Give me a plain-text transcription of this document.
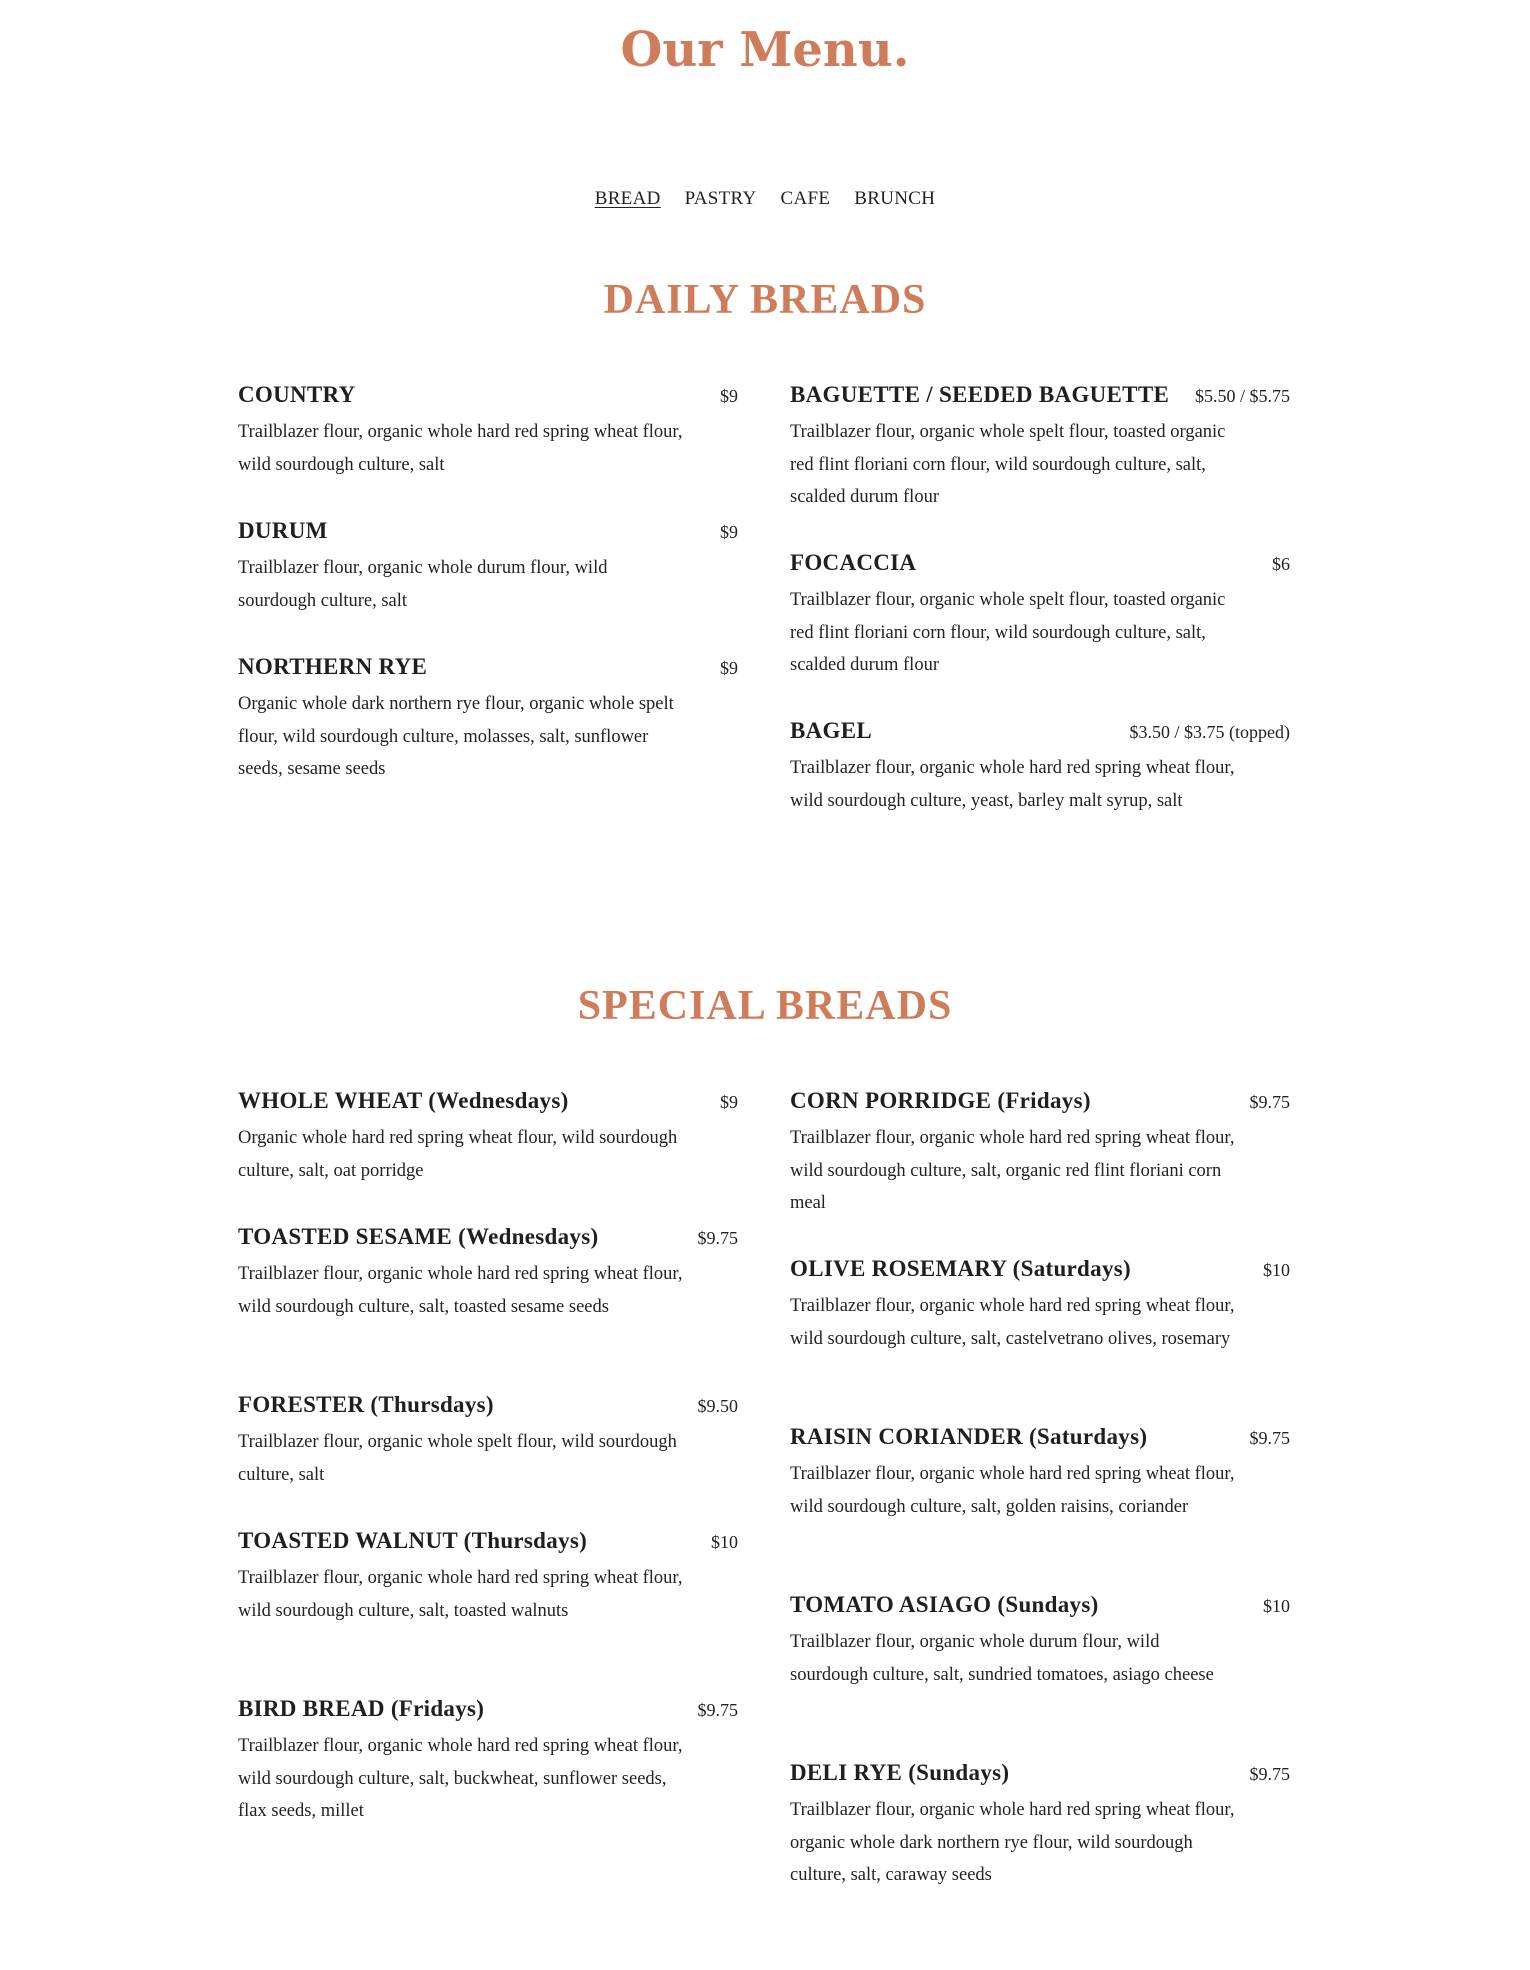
Our Menu.
BREAD PASTRY CAFE BRUNCH
DAILY BREADS
COUNTRY	$9

Trailblazer flour, organic whole hard red spring wheat flour, wild sourdough culture, salt

DURUM	$9

Trailblazer flour, organic whole durum flour, wild sourdough culture, salt

NORTHERN RYE	$9

Organic whole dark northern rye flour, organic whole spelt flour, wild sourdough culture, molasses, salt, sunflower seeds, sesame seeds

BAGUETTE / SEEDED BAGUETTE $5.50 / $5.75

Trailblazer flour, organic whole spelt flour, toasted organic red flint floriani corn flour, wild sourdough culture, salt, scalded durum flour

FOCACCIA	$6

Trailblazer flour, organic whole spelt flour, toasted organic red flint floriani corn flour, wild sourdough culture, salt, scalded durum flour

BAGEL	$3.50 / $3.75 (topped)

Trailblazer flour, organic whole hard red spring wheat flour, wild sourdough culture, yeast, barley malt syrup, salt

SPECIAL BREADS
WHOLE WHEAT (Wednesdays)	$9

Organic whole hard red spring wheat flour, wild sourdough culture, salt, oat porridge

TOASTED SESAME (Wednesdays)	$9.75

Trailblazer flour, organic whole hard red spring wheat flour, wild sourdough culture, salt, toasted sesame seeds

FORESTER (Thursdays)	$9.50

Trailblazer flour, organic whole spelt flour, wild sourdough culture, salt

TOASTED WALNUT (Thursdays)	$10

Trailblazer flour, organic whole hard red spring wheat flour, wild sourdough culture, salt, toasted walnuts

BIRD BREAD (Fridays)	$9.75

Trailblazer flour, organic whole hard red spring wheat flour, wild sourdough culture, salt, buckwheat, sunflower seeds, flax seeds, millet

CORN PORRIDGE (Fridays)	$9.75

Trailblazer flour, organic whole hard red spring wheat flour, wild sourdough culture, salt, organic red flint floriani corn meal

OLIVE ROSEMARY (Saturdays)	$10

Trailblazer flour, organic whole hard red spring wheat flour, wild sourdough culture, salt, castelvetrano olives, rosemary

RAISIN CORIANDER (Saturdays)	$9.75

Trailblazer flour, organic whole hard red spring wheat flour, wild sourdough culture, salt, golden raisins, coriander

TOMATO ASIAGO (Sundays)	$10

Trailblazer flour, organic whole durum flour, wild sourdough culture, salt, sundried tomatoes, asiago cheese

DELI RYE (Sundays)	$9.75

Trailblazer flour, organic whole hard red spring wheat flour, organic whole dark northern rye flour, wild sourdough culture, salt, caraway seeds
